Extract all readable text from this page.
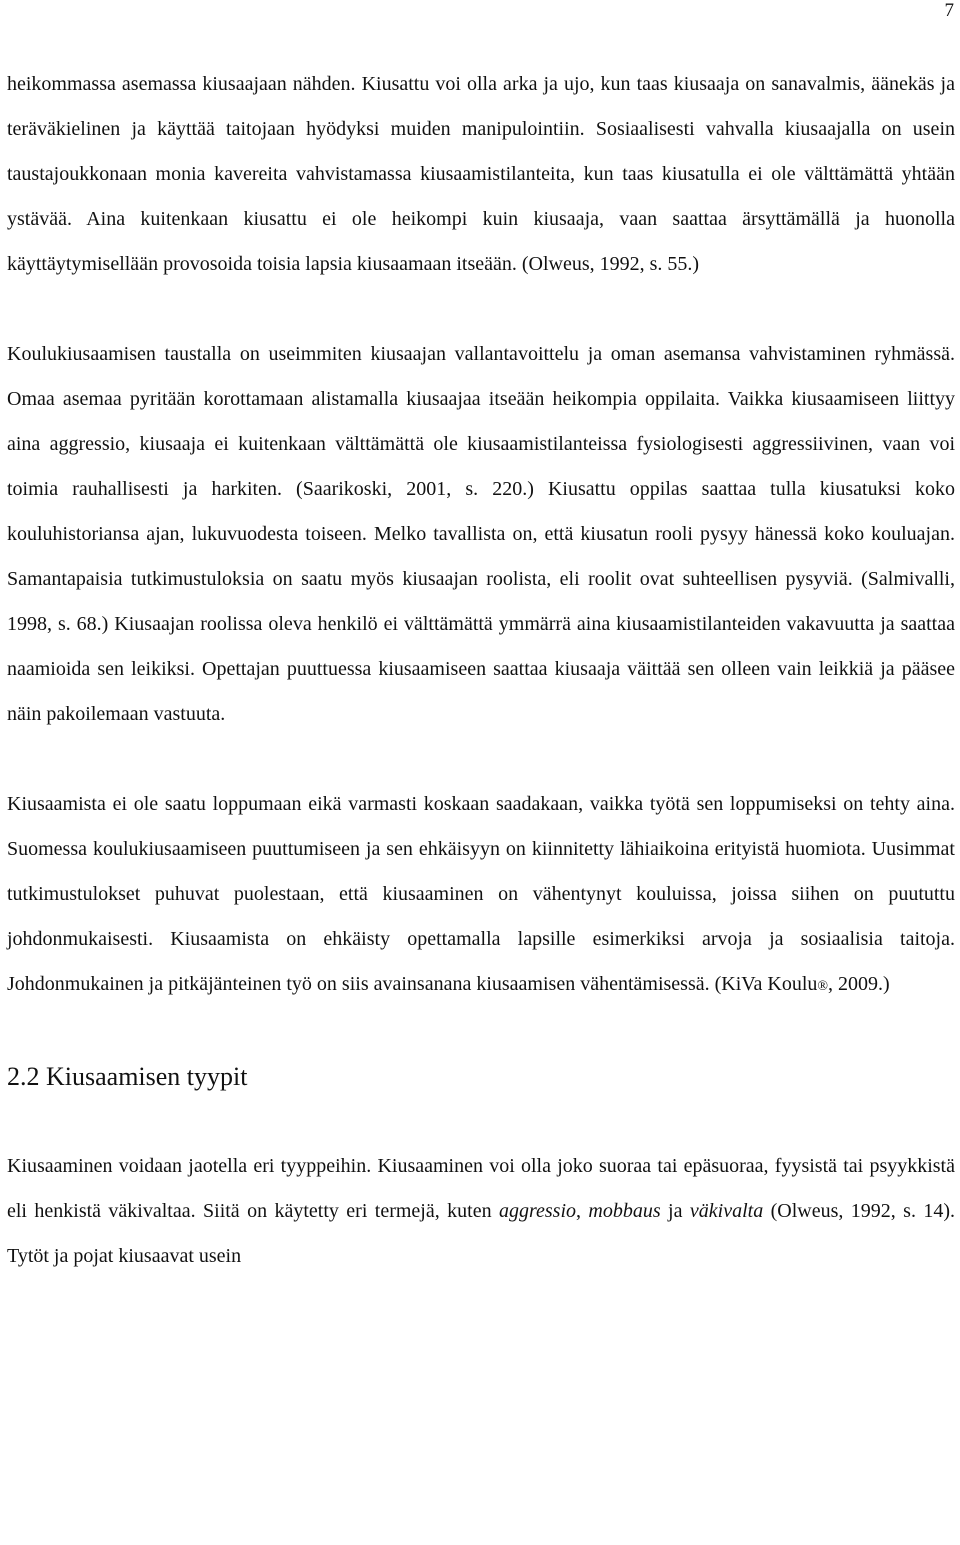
7

heikommassa asemassa kiusaajaan nähden. Kiusattu voi olla arka ja ujo, kun taas kiusaaja on sanavalmis, äänekäs ja teräväkielinen ja käyttää taitojaan hyödyksi muiden manipulointiin. Sosiaalisesti vahvalla kiusaajalla on usein taustajoukkonaan monia kavereita vahvistamassa kiusaamistilanteita, kun taas kiusatulla ei ole välttämättä yhtään ystävää. Aina kuitenkaan kiusattu ei ole heikompi kuin kiusaaja, vaan saattaa ärsyttämällä ja huonolla käyttäytymisellään provosoida toisia lapsia kiusaamaan itseään. (Olweus, 1992, s. 55.)

Koulukiusaamisen taustalla on useimmiten kiusaajan vallantavoittelu ja oman asemansa vahvistaminen ryhmässä. Omaa asemaa pyritään korottamaan alistamalla kiusaajaa itseään heikompia oppilaita. Vaikka kiusaamiseen liittyy aina aggressio, kiusaaja ei kuitenkaan välttämättä ole kiusaamistilanteissa fysiologisesti aggressiivinen, vaan voi toimia rauhallisesti ja harkiten. (Saarikoski, 2001, s. 220.) Kiusattu oppilas saattaa tulla kiusatuksi koko kouluhistoriansa ajan, lukuvuodesta toiseen. Melko tavallista on, että kiusatun rooli pysyy hänessä koko kouluajan. Samantapaisia tutkimustuloksia on saatu myös kiusaajan roolista, eli roolit ovat suhteellisen pysyviä. (Salmivalli, 1998, s. 68.) Kiusaajan roolissa oleva henkilö ei välttämättä ymmärrä aina kiusaamistilanteiden vakavuutta ja saattaa naamioida sen leikiksi. Opettajan puuttuessa kiusaamiseen saattaa kiusaaja väittää sen olleen vain leikkiä ja pääsee näin pakoilemaan vastuuta.

Kiusaamista ei ole saatu loppumaan eikä varmasti koskaan saadakaan, vaikka työtä sen loppumiseksi on tehty aina. Suomessa koulukiusaamiseen puuttumiseen ja sen ehkäisyyn on kiinnitetty lähiaikoina erityistä huomiota. Uusimmat tutkimustulokset puhuvat puolestaan, että kiusaaminen on vähentynyt kouluissa, joissa siihen on puututtu johdonmukaisesti. Kiusaamista on ehkäisty opettamalla lapsille esimerkiksi arvoja ja sosiaalisia taitoja. Johdonmukainen ja pitkäjänteinen työ on siis avainsanana kiusaamisen vähentämisessä. (KiVa Koulu®, 2009.)

2.2 Kiusaamisen tyypit

Kiusaaminen voidaan jaotella eri tyyppeihin. Kiusaaminen voi olla joko suoraa tai epäsuoraa, fyysistä tai psyykkistä eli henkistä väkivaltaa. Siitä on käytetty eri termejä, kuten aggressio, mobbaus ja väkivalta (Olweus, 1992, s. 14). Tytöt ja pojat kiusaavat usein
